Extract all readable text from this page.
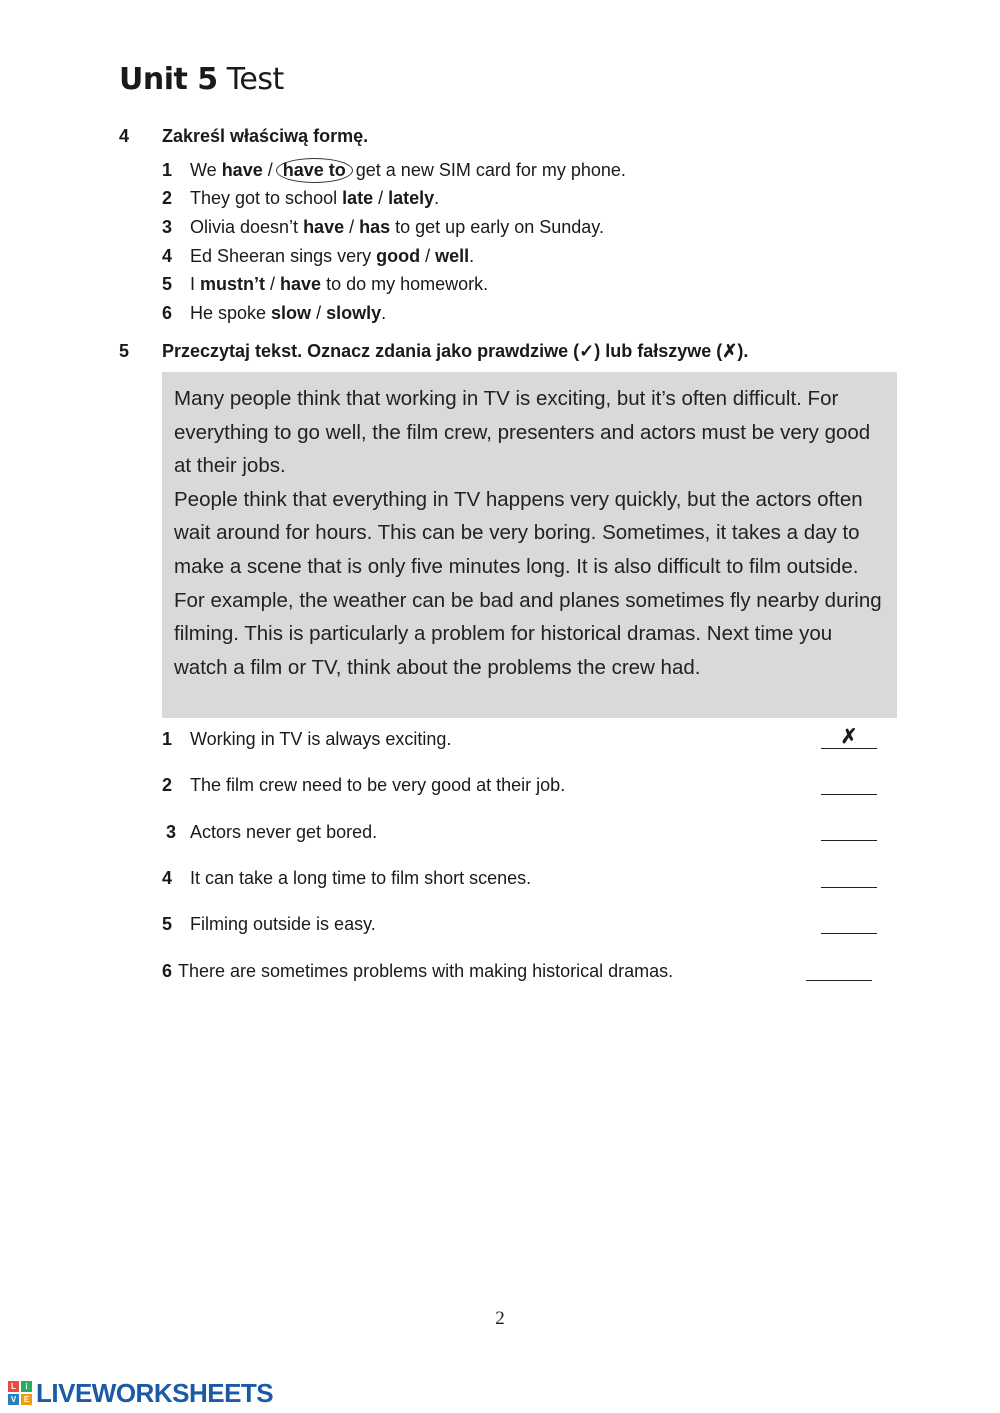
Unit 5 Test
4 Zakreśl właściwą formę.
1 We have / have to get a new SIM card for my phone.
2 They got to school late / lately.
3 Olivia doesn’t have / has to get up early on Sunday.
4 Ed Sheeran sings very good / well.
5 I mustn’t / have to do my homework.
6 He spoke slow / slowly.
5 Przeczytaj tekst. Oznacz zdania jako prawdziwe (✓) lub fałszywe (✗).

Many people think that working in TV is exciting, but it’s often difficult. For everything to go well, the film crew, presenters and actors must be very good at their jobs.

People think that everything in TV happens very quickly, but the actors often wait around for hours. This can be very boring. Sometimes, it takes a day to make a scene that is only five minutes long. It is also difficult to film outside. For example, the weather can be bad and planes sometimes fly nearby during filming. This is particularly a problem for historical dramas. Next time you watch a film or TV, think about the problems the crew had.

1 Working in TV is always exciting.	✗
2 The film crew need to be very good at their job.
3 Actors never get bored.
4 It can take a long time to film short scenes.
5 Filming outside is easy.
6 There are sometimes problems with making historical dramas.
2
L	i
V E LIVEWORKSHEETS
